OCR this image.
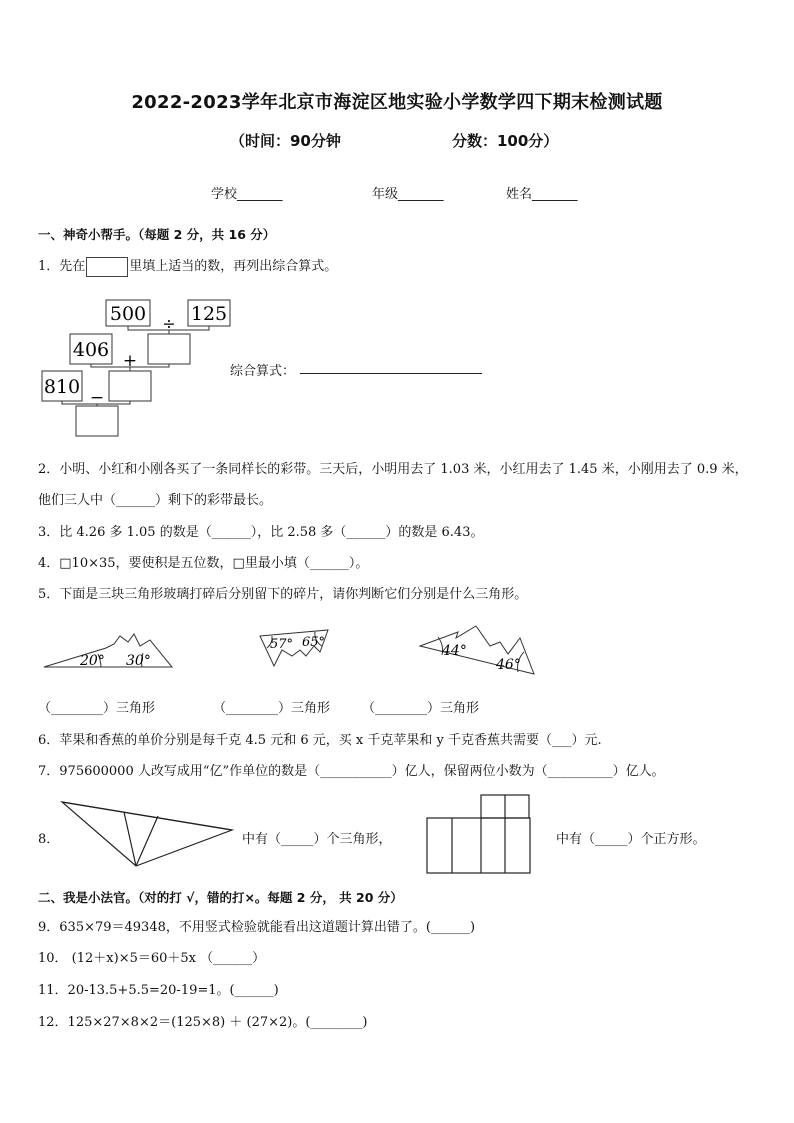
2022-2023学年北京市海淀区地实验小学数学四下期末检测试题
（时间：90分钟	分数：100分）
学校_______	年级_______	姓名_______
一、神奇小帮手。（每题 2 分，共 16 分）
1．先在	里填上适当的数，再列出综合算式。
500 125
÷
406 +
810 −
综合算式：
2．小明、小红和小刚各买了一条同样长的彩带。三天后，小明用去了 1.03 米，小红用去了 1.45 米，小刚用去了 0.9 米，
他们三人中（______）剩下的彩带最长。
3．比 4.26 多 1.05 的数是（______），比 2.58 多（______）的数是 6.43。
4．□10×35，要使积是五位数，□里最小填（______）。
5．下面是三块三角形玻璃打碎后分别留下的碎片，请你判断它们分别是什么三角形。
20° 30°
57° 65°
44°
46°
（________）三角形	（________）三角形 （________）三角形
6．苹果和香蕉的单价分别是每千克 4.5 元和 6 元，买 x 千克苹果和 y 千克香蕉共需要（___）元.
7．975600000 人改写成用“亿”作单位的数是（___________）亿人，保留两位小数为（__________）亿人。
8．	中有（_____）个三角形，	中有（_____）个正方形。
二、我是小法官。（对的打 √，错的打×。每题 2 分， 共 20 分）
9．635×79＝49348，不用竖式检验就能看出这道题计算出错了。(______)
10． (12＋x)×5＝60＋5x （______）
11．20-13.5+5.5=20-19=1。(______)
12．125×27×8×2＝(125×8) ＋ (27×2)。(________)
